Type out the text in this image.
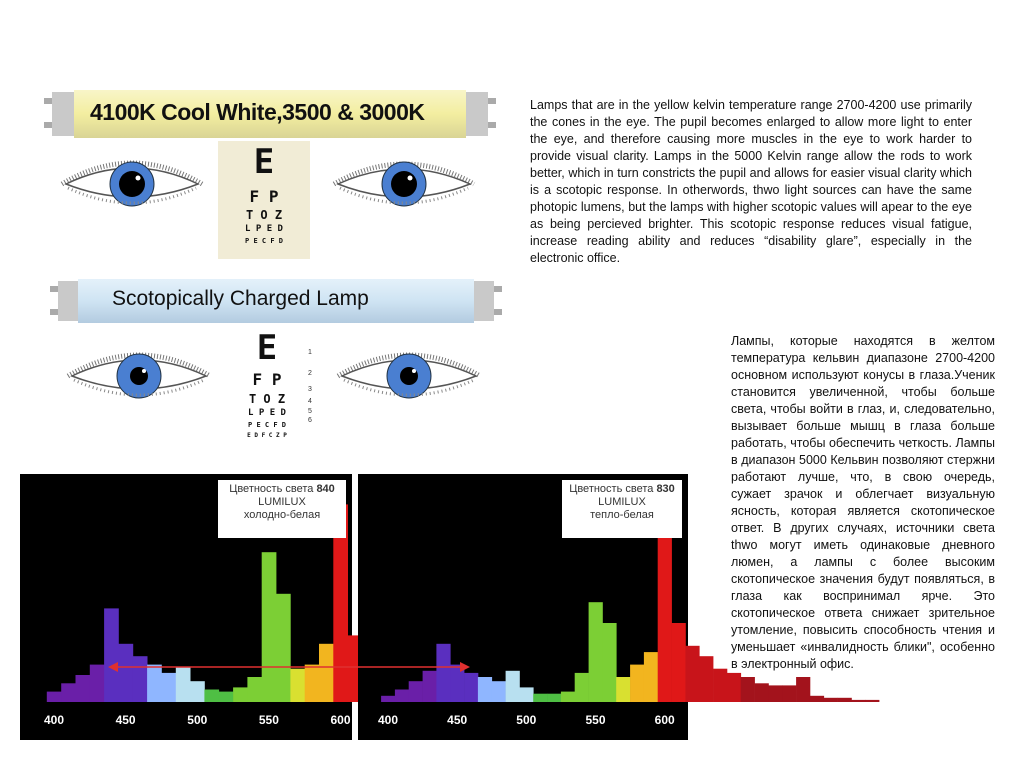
4100K Cool White,3500 & 3000K
E
F P
T O Z
L P E D
P E C F D
Scotopically Charged Lamp
E
F P
T O Z
L P E D
P E C F D
E D F C Z P
1
2
3
4
5
6
Lamps that are in the yellow kelvin temperature range 2700-4200 use primarily the cones in the eye. The pupil becomes enlarged to allow more light to enter the eye, and therefore causing more muscles in the eye to work harder to provide visual clarity. Lamps in the 5000 Kelvin range allow the rods to work better, which in turn constricts the pupil and allows for easier visual clarity which is a scotopic response. In otherwords, thwo light sources can have the same photopic lumens, but the lamps with higher scotopic values will apear to the eye as being percieved brighter. This scotopic response reduces visual fatigue, increase reading ability and reduces “disability glare”, especially in the electronic office.
Лампы, которые находятся в желтом температура кельвин диапазоне 2700-4200 основном используют конусы в глаза.Ученик становится увеличенной, чтобы больше света, чтобы войти в глаз, и, следовательно, вызывает больше мышц в глаза больше работать, чтобы обеспечить четкость. Лампы в диапазон 5000 Кельвин позволяют стержни работают лучше, что, в свою очередь, сужает зрачок и облегчает визуальную ясность, которая является скотопическое ответ. В других случаях, источники света thwo могут иметь одинаковые дневного люмен, а лампы с более высоким скотопическое значения будут появляться, в глаза как воспринимал ярче. Это скотопическое ответа снижает зрительное утомление, повысить способность чтения и уменьшает «инвалидность блики", особенно в электронный офис.
400	450	500	550	600
Цветность света 840
LUMILUX
холодно-белая
400	450	500	550	600	650	700	750
Цветность света 830
LUMILUX
тепло-белая
